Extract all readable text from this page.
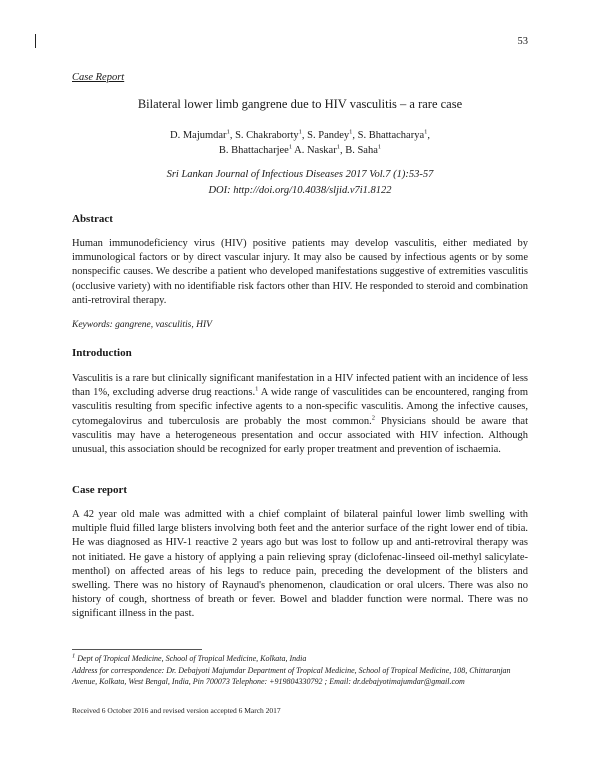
53
Case Report
Bilateral lower limb gangrene due to HIV vasculitis – a rare case
D. Majumdar$^1$, S. Chakraborty$^1$, S. Pandey$^1$, S. Bhattacharya$^1$,
B. Bhattacharjee$^1$ A. Naskar$^1$, B. Saha$^1$
Sri Lankan Journal of Infectious Diseases 2017 Vol.7 (1):53-57
DOI: http://doi.org/10.4038/sljid.v7i1.8122
Abstract
Human immunodeficiency virus (HIV) positive patients may develop vasculitis, either mediated by immunological factors or by direct vascular injury. It may also be caused by infectious agents or by some nonspecific causes. We describe a patient who developed manifestations suggestive of extremities vasculitis (occlusive variety) with no identifiable risk factors other than HIV. He responded to steroid and combination anti-retroviral therapy.
Keywords: gangrene, vasculitis, HIV
Introduction
Vasculitis is a rare but clinically significant manifestation in a HIV infected patient with an incidence of less than 1%, excluding adverse drug reactions.$^1$ A wide range of vasculitides can be encountered, ranging from vasculitis resulting from specific infective agents to a non-specific vasculitis. Among the infective causes, cytomegalovirus and tuberculosis are probably the most common.$^2$ Physicians should be aware that vasculitis may have a heterogeneous presentation and occur associated with HIV infection. Although unusual, this association should be recognized for early proper treatment and prevention of ischaemia.
Case report
A 42 year old male was admitted with a chief complaint of bilateral painful lower limb swelling with multiple fluid filled large blisters involving both feet and the anterior surface of the right lower end of tibia. He was diagnosed as HIV-1 reactive 2 years ago but was lost to follow up and anti-retroviral therapy was not initiated. He gave a history of applying a pain relieving spray (diclofenac-linseed oil-methyl salicylate-menthol) on affected areas of his legs to reduce pain, preceding the development of the blisters and swelling. There was no history of Raynaud's phenomenon, claudication or oral ulcers. There was also no history of cough, shortness of breath or fever. Bowel and bladder function were normal. There was no significant illness in the past.
$^1$ Dept of Tropical Medicine, School of Tropical Medicine, Kolkata, India
Address for correspondence: Dr. Debajyoti Majumdar Department of Tropical Medicine, School of Tropical Medicine, 108, Chittaranjan Avenue, Kolkata, West Bengal, India, Pin 700073 Telephone: +919804330792 ; Email: dr.debajyotimajumdar@gmail.com
Received 6 October 2016 and revised version accepted 6 March 2017
